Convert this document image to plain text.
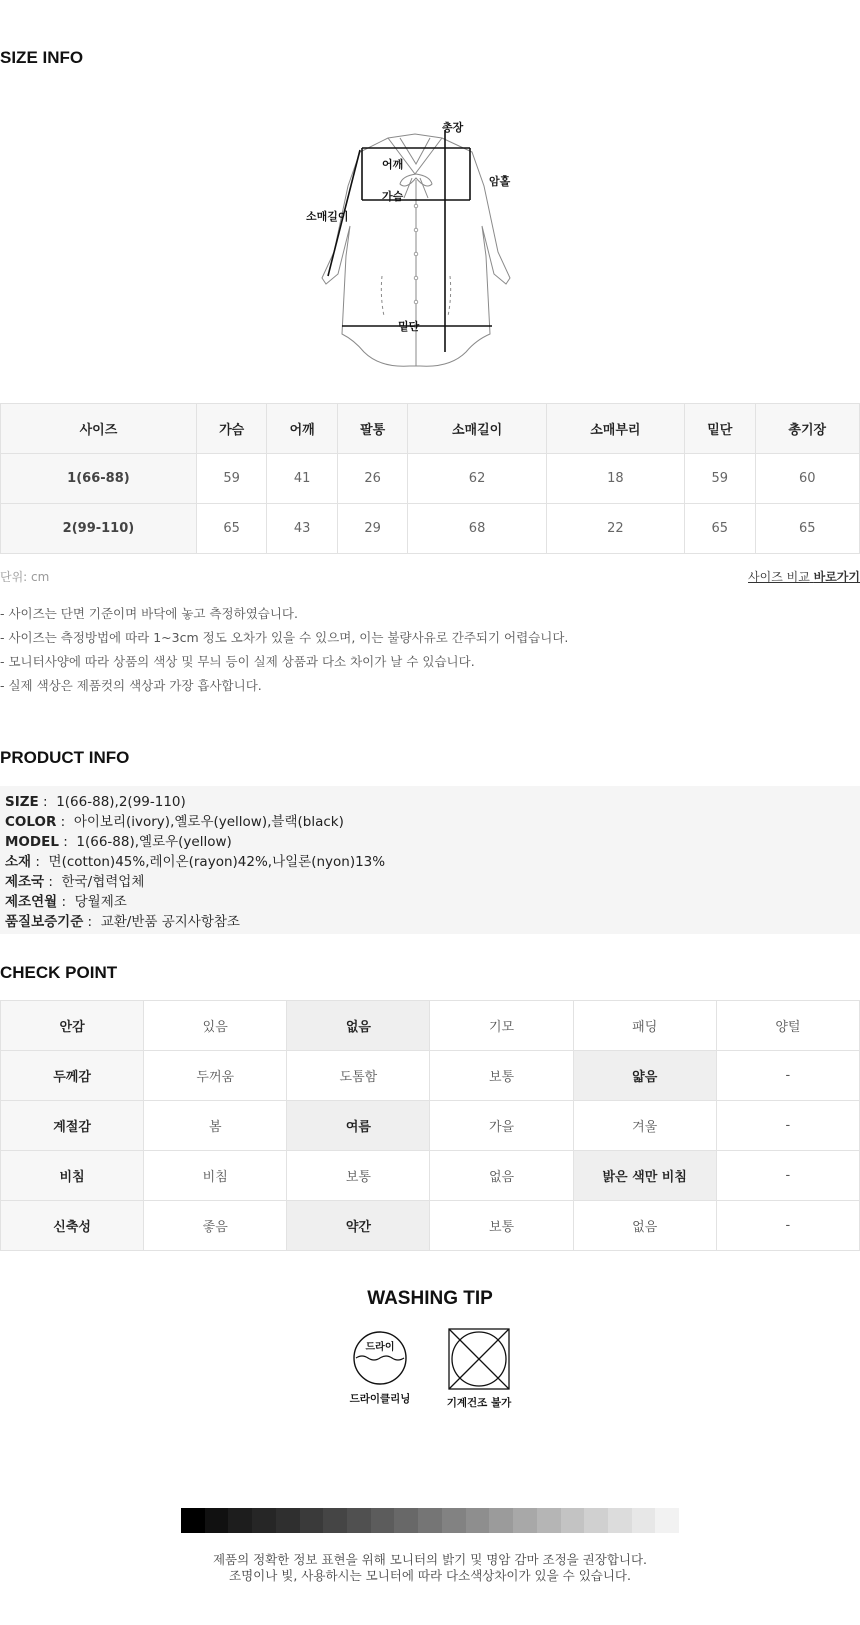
SIZE INFO
총장
어깨
가슴
암홀
소매길이
밑단
사이즈	가슴	어깨	팔통	소매길이	소매부리	밑단	총기장
1(66-88)	59	41	26	62	18	59	60
2(99-110)	65	43	29	68	22	65	65
단위: cm	사이즈 비교 바로가기
- 사이즈는 단면 기준이며 바닥에 놓고 측정하였습니다.
- 사이즈는 측정방법에 따라 1~3cm 정도 오차가 있을 수 있으며, 이는 불량사유로 간주되기 어렵습니다.
- 모니터사양에 따라 상품의 색상 및 무늬 등이 실제 상품과 다소 차이가 날 수 있습니다.
- 실제 색상은 제품컷의 색상과 가장 흡사합니다.
PRODUCT INFO
SIZE :  1(66-88),2(99-110)
COLOR :  아이보리(ivory),옐로우(yellow),블랙(black)
MODEL :  1(66-88),옐로우(yellow)
소재 :  면(cotton)45%,레이온(rayon)42%,나일론(nyon)13%
제조국 :  한국/협력업체
제조연월 :  당월제조
품질보증기준 :  교환/반품 공지사항참조
CHECK POINT
안감	있음	없음	기모	패딩	양털
두께감	두꺼움	도톰함	보통	얇음	-
계절감	봄	여름	가을	겨울	-
비침	비침	보통	없음	밝은 색만 비침	-
신축성	좋음	약간	보통	없음	-
WASHING TIP
드라이
드라이클리닝	기계건조 불가
제품의 정확한 정보 표현을 위해 모니터의 밝기 및 명암 감마 조정을 권장합니다.
조명이나 빛, 사용하시는 모니터에 따라 다소색상차이가 있을 수 있습니다.
